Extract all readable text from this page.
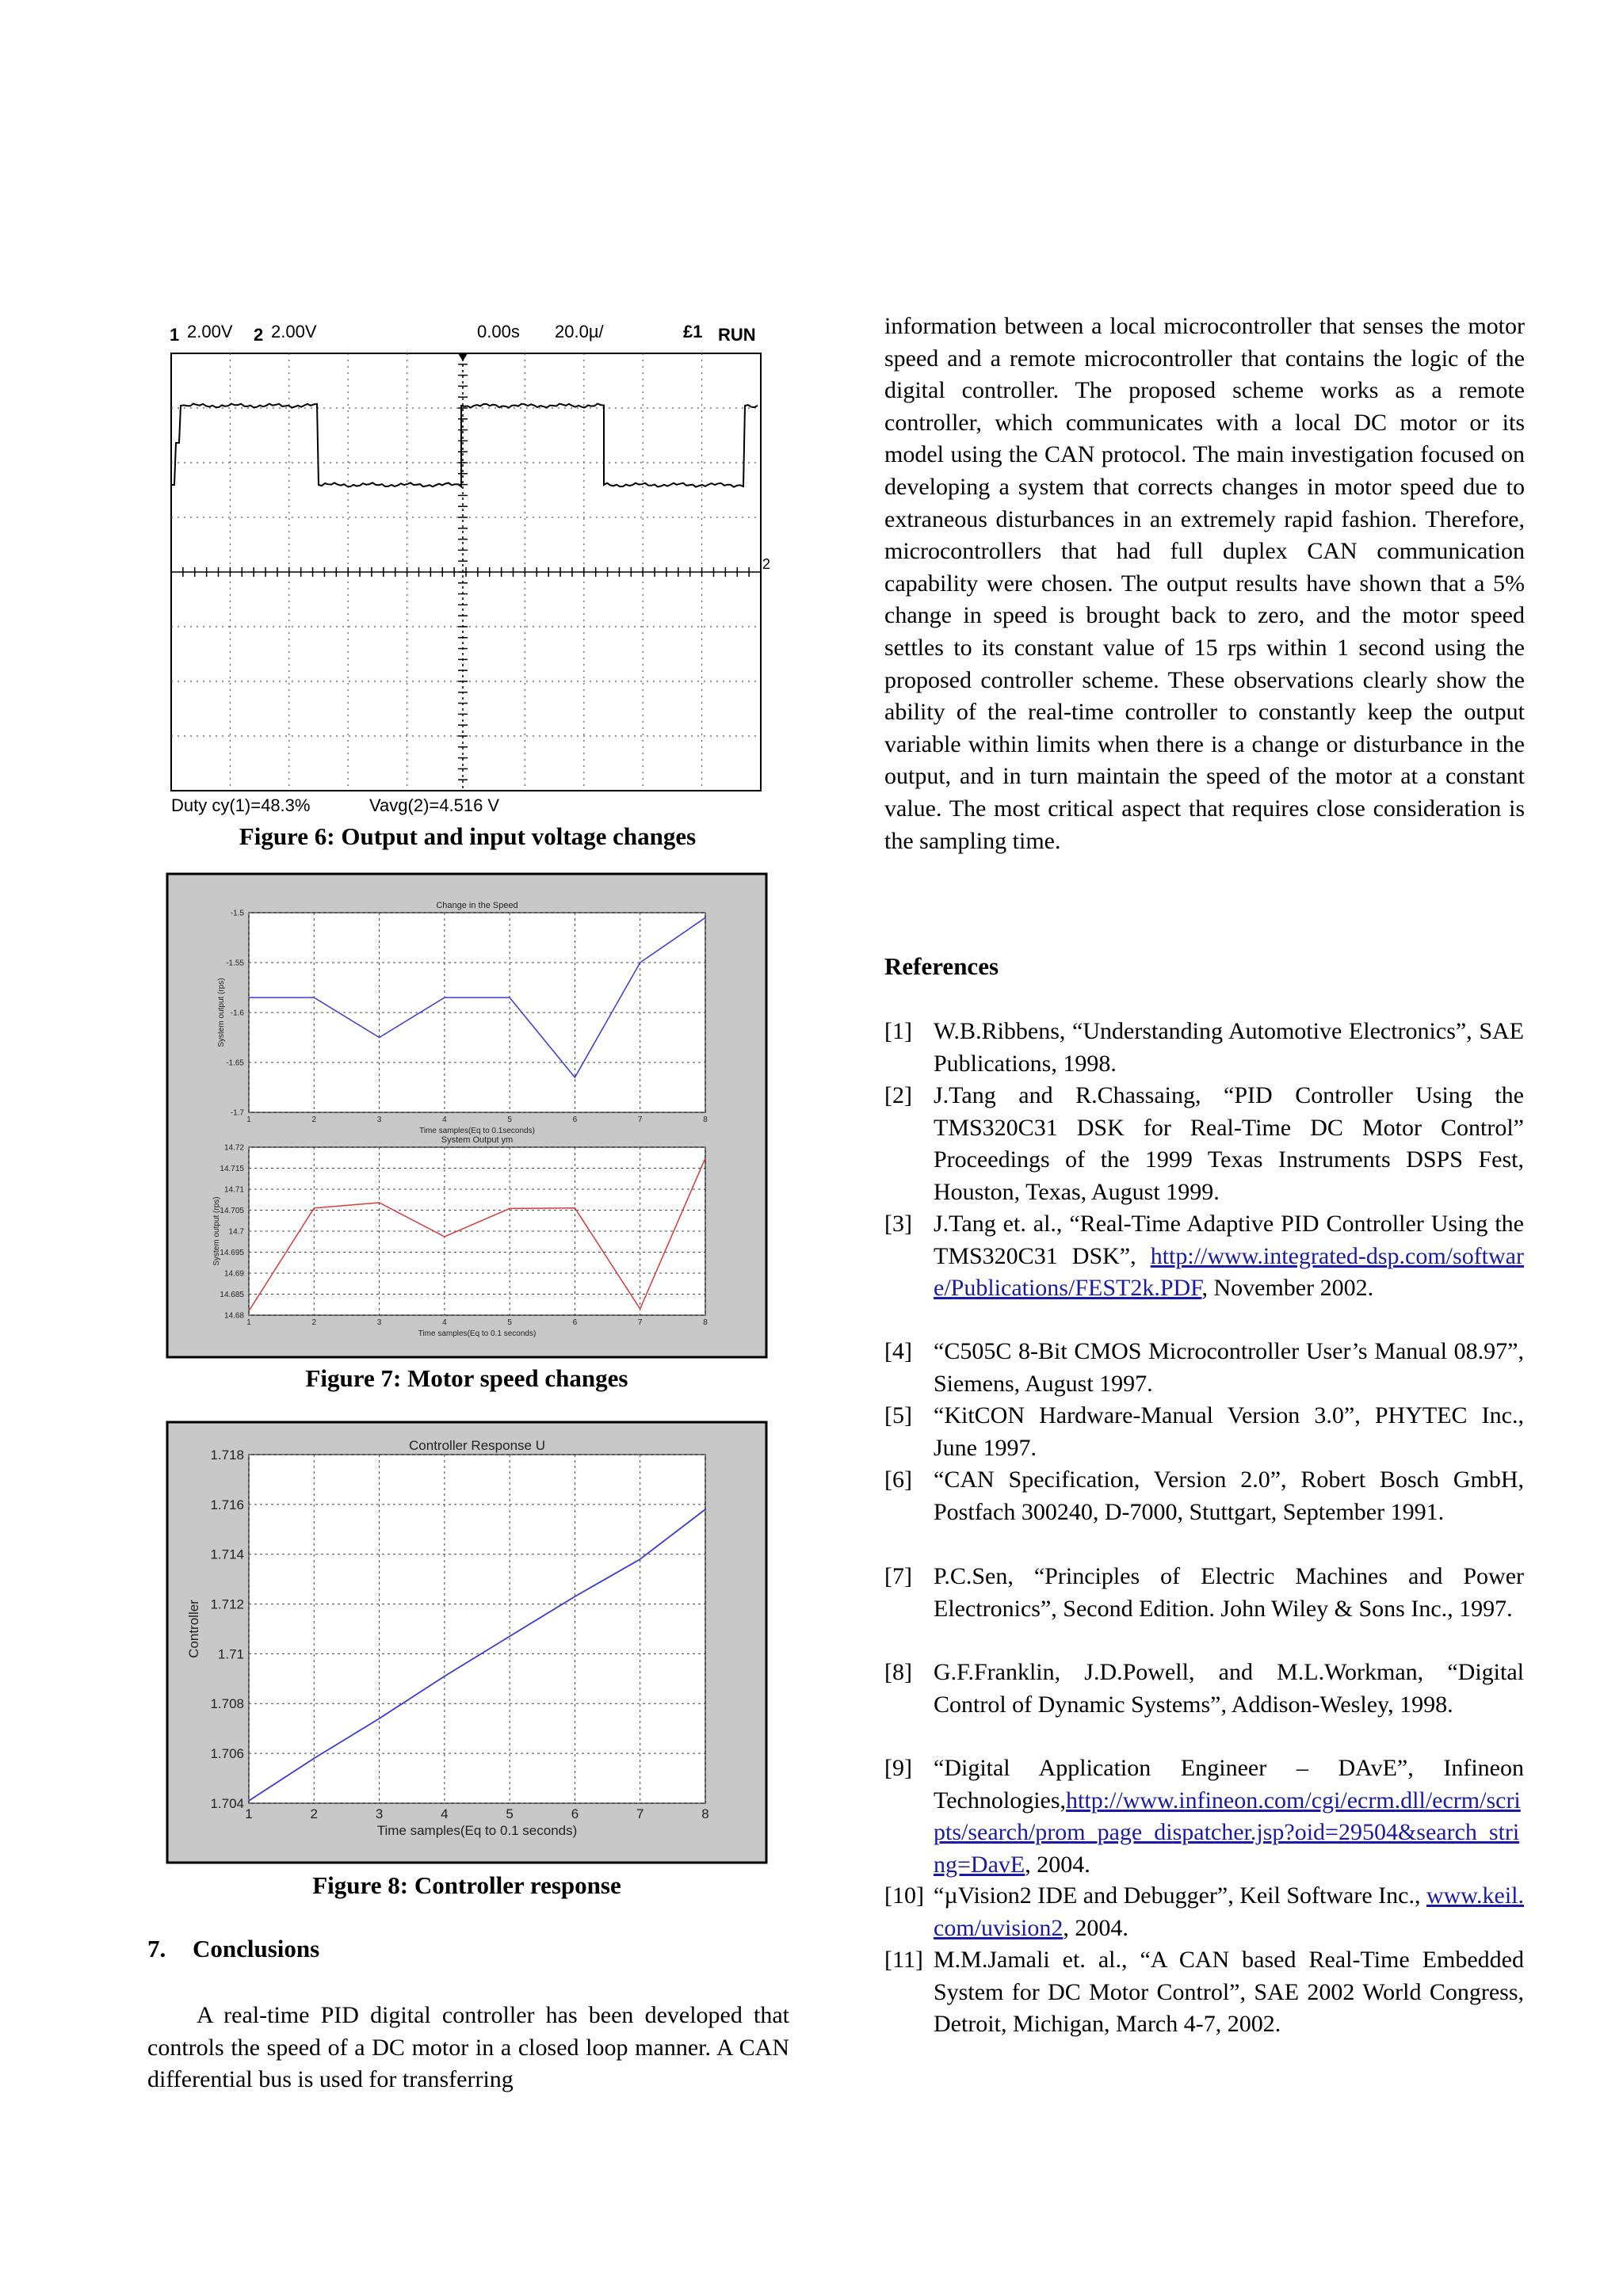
1 2.00V 2 2.00V	0.00s 20.0µ/	£1 RUN
2
Duty cy(1)=48.3%	Vavg(2)=4.516 V
Figure 6: Output and input voltage changes
1	2	3	4	5	6	7	8
-1.5
-1.55
-1.6
-1.65
-1.7
Change in the Speed
Time samples(Eq to 0.1seconds)
System output (rps)
1	2	3	4	5	6	7	8
14.72
14.715
14.71
14.705
14.7
14.695
14.69
14.685
14.68
System Output ym
Time samples(Eq to 0.1 seconds)
System output (rps)
Figure 7: Motor speed changes
1	2	3	4	5	6	7	8
1.718
1.716
1.714
1.712
1.71
1.708
1.706
1.704
Controller Response U
Time samples(Eq to 0.1 seconds)
Controller
Figure 8: Controller response
7. Conclusions

A real-time PID digital controller has been developed that controls the speed of a DC motor in a closed loop manner. A CAN differential bus is used for transferring

information between a local microcontroller that senses the motor speed and a remote microcontroller that contains the logic of the digital controller. The proposed scheme works as a remote controller, which communicates with a local DC motor or its model using the CAN protocol. The main investigation focused on developing a system that corrects changes in motor speed due to extraneous disturbances in an extremely rapid fashion. Therefore, microcontrollers that had full duplex CAN communication capability were chosen. The output results have shown that a 5% change in speed is brought back to zero, and the motor speed settles to its constant value of 15 rps within 1 second using the proposed controller scheme. These observations clearly show the ability of the real-time controller to constantly keep the output variable within limits when there is a change or disturbance in the output, and in turn maintain the speed of the motor at a constant value. The most critical aspect that requires close consideration is the sampling time.

References
[1] W.B.Ribbens, “Understanding Automotive Electronics”, SAE Publications, 1998.
[2] J.Tang and R.Chassaing, “PID Controller Using the TMS320C31 DSK for Real-Time DC Motor Control” Proceedings of the 1999 Texas Instruments DSPS Fest, Houston, Texas, August 1999.
[3] J.Tang et. al., “Real-Time Adaptive PID Controller Using the TMS320C31 DSK”, http://www.integrated-dsp.com/software/Publications/FEST2k.PDF, November 2002.
[4] “C505C 8-Bit CMOS Microcontroller User’s Manual 08.97”, Siemens, August 1997.
[5] “KitCON Hardware-Manual Version 3.0”, PHYTEC Inc., June 1997.
[6] “CAN Specification, Version 2.0”, Robert Bosch GmbH, Postfach 300240, D-7000, Stuttgart, September 1991.
[7] P.C.Sen, “Principles of Electric Machines and Power Electronics”, Second Edition. John Wiley & Sons Inc., 1997.
[8] G.F.Franklin, J.D.Powell, and M.L.Workman, “Digital Control of Dynamic Systems”, Addison-Wesley, 1998.
[9] “Digital Application Engineer – DAvE”, Infineon Technologies,http://www.infineon.com/cgi/ecrm.dll/ecrm/scripts/search/prom_page_dispatcher.jsp?oid=29504&search_string=DavE, 2004.
[10] “µVision2 IDE and Debugger”, Keil Software Inc., www.keil.com/uvision2, 2004.
[11] M.M.Jamali et. al., “A CAN based Real-Time Embedded System for DC Motor Control”, SAE 2002 World Congress, Detroit, Michigan, March 4-7, 2002.
